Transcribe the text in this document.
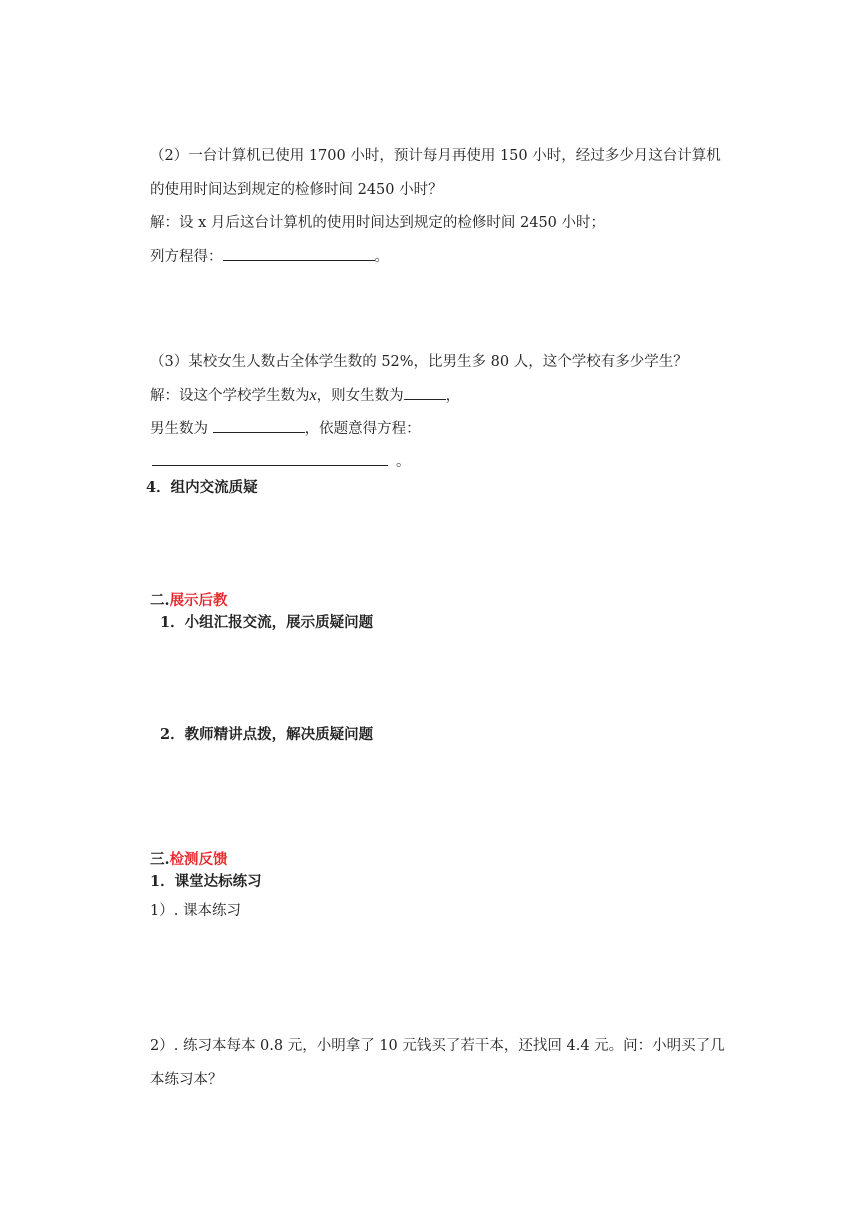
（2）一台计算机已使用 1700 小时，预计每月再使用 150 小时，经过多少月这台计算机
的使用时间达到规定的检修时间 2450 小时？
解：设 x 月后这台计算机的使用时间达到规定的检修时间 2450 小时；
列方程得：	。
（3）某校女生人数占全体学生数的 52%，比男生多 80 人，这个学校有多少学生？
解：设这个学校学生数为x，则女生数为	，
男生数为	，依题意得方程：
。
4．组内交流质疑
二.展示后教
1．小组汇报交流，展示质疑问题
2．教师精讲点拨，解决质疑问题
三.检测反馈
1．课堂达标练习
1）. 课本练习
2）. 练习本每本 0.8 元，小明拿了 10 元钱买了若干本，还找回 4.4 元。问：小明买了几
本练习本？
